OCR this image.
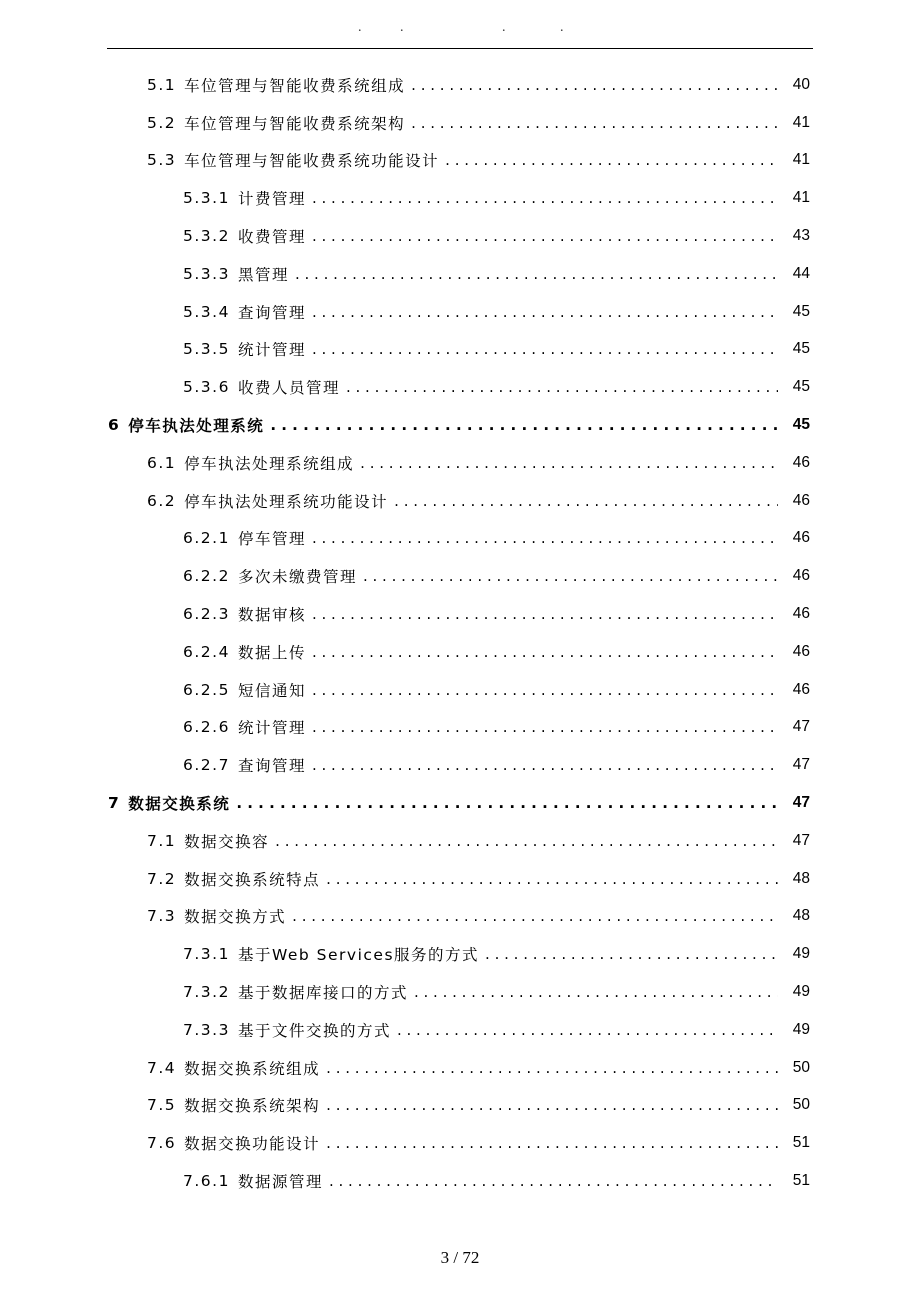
.	.	.	.
5.1 车位管理与智能收费系统组成 . . .	40
5.2 车位管理与智能收费系统架构 . . .	41
5.3 车位管理与智能收费系统功能设计 . . .	41
5.3.1 计费管理 . . .	41
5.3.2 收费管理 . . .	43
5.3.3 黑管理 . . .	44
5.3.4 查询管理 . . .	45
5.3.5 统计管理 . . .	45
5.3.6 收费人员管理 . . .	45
6 停车执法处理系统 . . .	45
6.1 停车执法处理系统组成 . . .	46
6.2 停车执法处理系统功能设计 . . .	46
6.2.1 停车管理 . . .	46
6.2.2 多次未缴费管理 . . .	46
6.2.3 数据审核 . . .	46
6.2.4 数据上传 . . .	46
6.2.5 短信通知 . . .	46
6.2.6 统计管理 . . .	47
6.2.7 查询管理 . . .	47
7 数据交换系统 . . .	47
7.1 数据交换容 . . .	47
7.2 数据交换系统特点 . . .	48
7.3 数据交换方式 . . .	48
7.3.1 基于Web Services服务的方式 . . .	49
7.3.2 基于数据库接口的方式 . . .	49
7.3.3 基于文件交换的方式 . . .	49
7.4 数据交换系统组成 . . .	50
7.5 数据交换系统架构 . . .	50
7.6 数据交换功能设计 . . .	51
7.6.1 数据源管理 . . .	51
3 / 72
